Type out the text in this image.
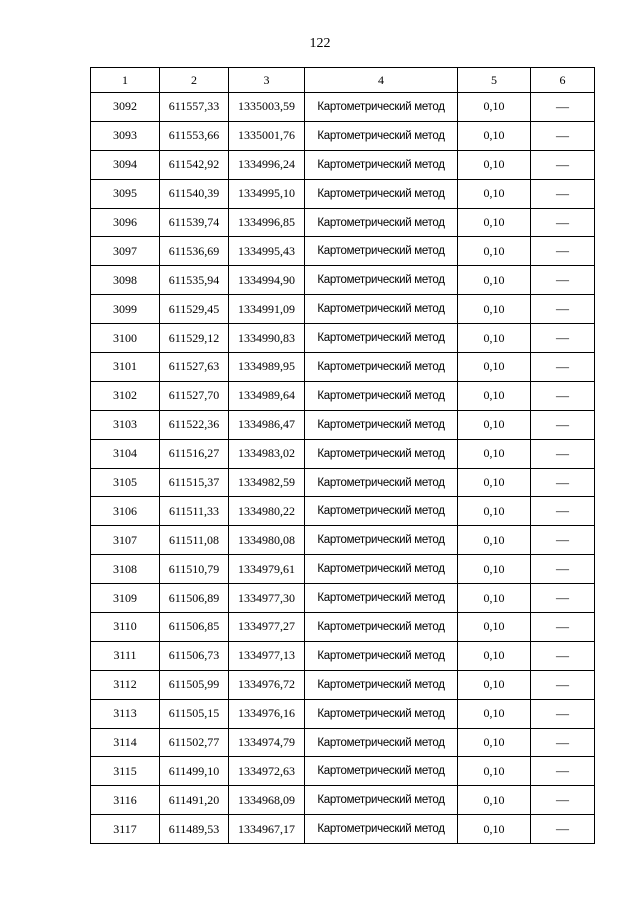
122
1	2	3	4	5	6
3092	611557,33	1335003,59	Картометрический метод	0,10	—
3093	611553,66	1335001,76	Картометрический метод	0,10	—
3094	611542,92	1334996,24	Картометрический метод	0,10	—
3095	611540,39	1334995,10	Картометрический метод	0,10	—
3096	611539,74	1334996,85	Картометрический метод	0,10	—
3097	611536,69	1334995,43	Картометрический метод	0,10	—
3098	611535,94	1334994,90	Картометрический метод	0,10	—
3099	611529,45	1334991,09	Картометрический метод	0,10	—
3100	611529,12	1334990,83	Картометрический метод	0,10	—
3101	611527,63	1334989,95	Картометрический метод	0,10	—
3102	611527,70	1334989,64	Картометрический метод	0,10	—
3103	611522,36	1334986,47	Картометрический метод	0,10	—
3104	611516,27	1334983,02	Картометрический метод	0,10	—
3105	611515,37	1334982,59	Картометрический метод	0,10	—
3106	611511,33	1334980,22	Картометрический метод	0,10	—
3107	611511,08	1334980,08	Картометрический метод	0,10	—
3108	611510,79	1334979,61	Картометрический метод	0,10	—
3109	611506,89	1334977,30	Картометрический метод	0,10	—
3110	611506,85	1334977,27	Картометрический метод	0,10	—
3111	611506,73	1334977,13	Картометрический метод	0,10	—
3112	611505,99	1334976,72	Картометрический метод	0,10	—
3113	611505,15	1334976,16	Картометрический метод	0,10	—
3114	611502,77	1334974,79	Картометрический метод	0,10	—
3115	611499,10	1334972,63	Картометрический метод	0,10	—
3116	611491,20	1334968,09	Картометрический метод	0,10	—
3117	611489,53	1334967,17	Картометрический метод	0,10	—
